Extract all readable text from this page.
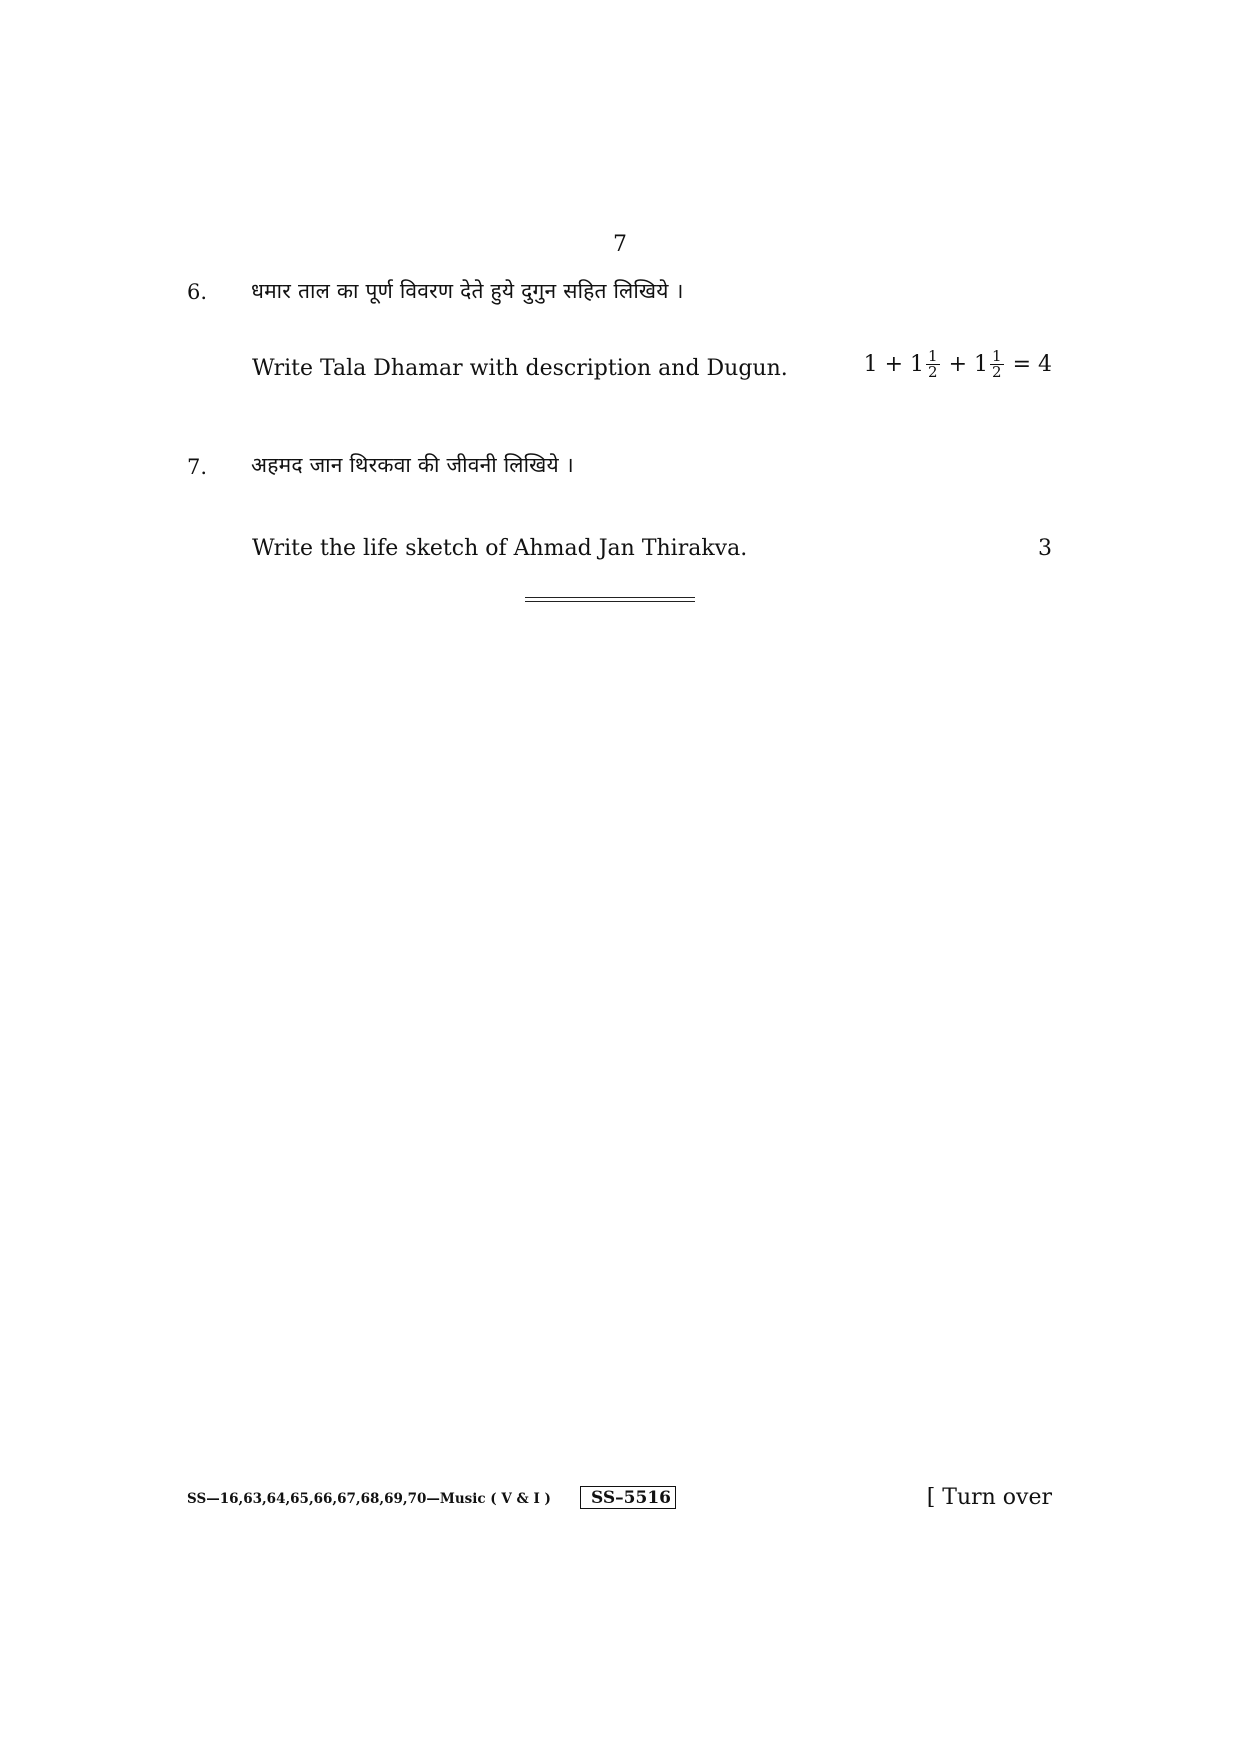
7
6. धमार ताल का पूर्ण विवरण देते हुये दुगुन सहित लिखिये ।
Write Tala Dhamar with description and Dugun.	$1 + 1 \frac{1}{2} + 1 \frac{1}{2} = 4$
7. अहमद जान थिरकवा की जीवनी लिखिये ।
Write the life sketch of Ahmad Jan Thirakva.	3
SS—16,63,64,65,66,67,68,69,70—Music ( V & I )	SS–5516	[ Turn over
